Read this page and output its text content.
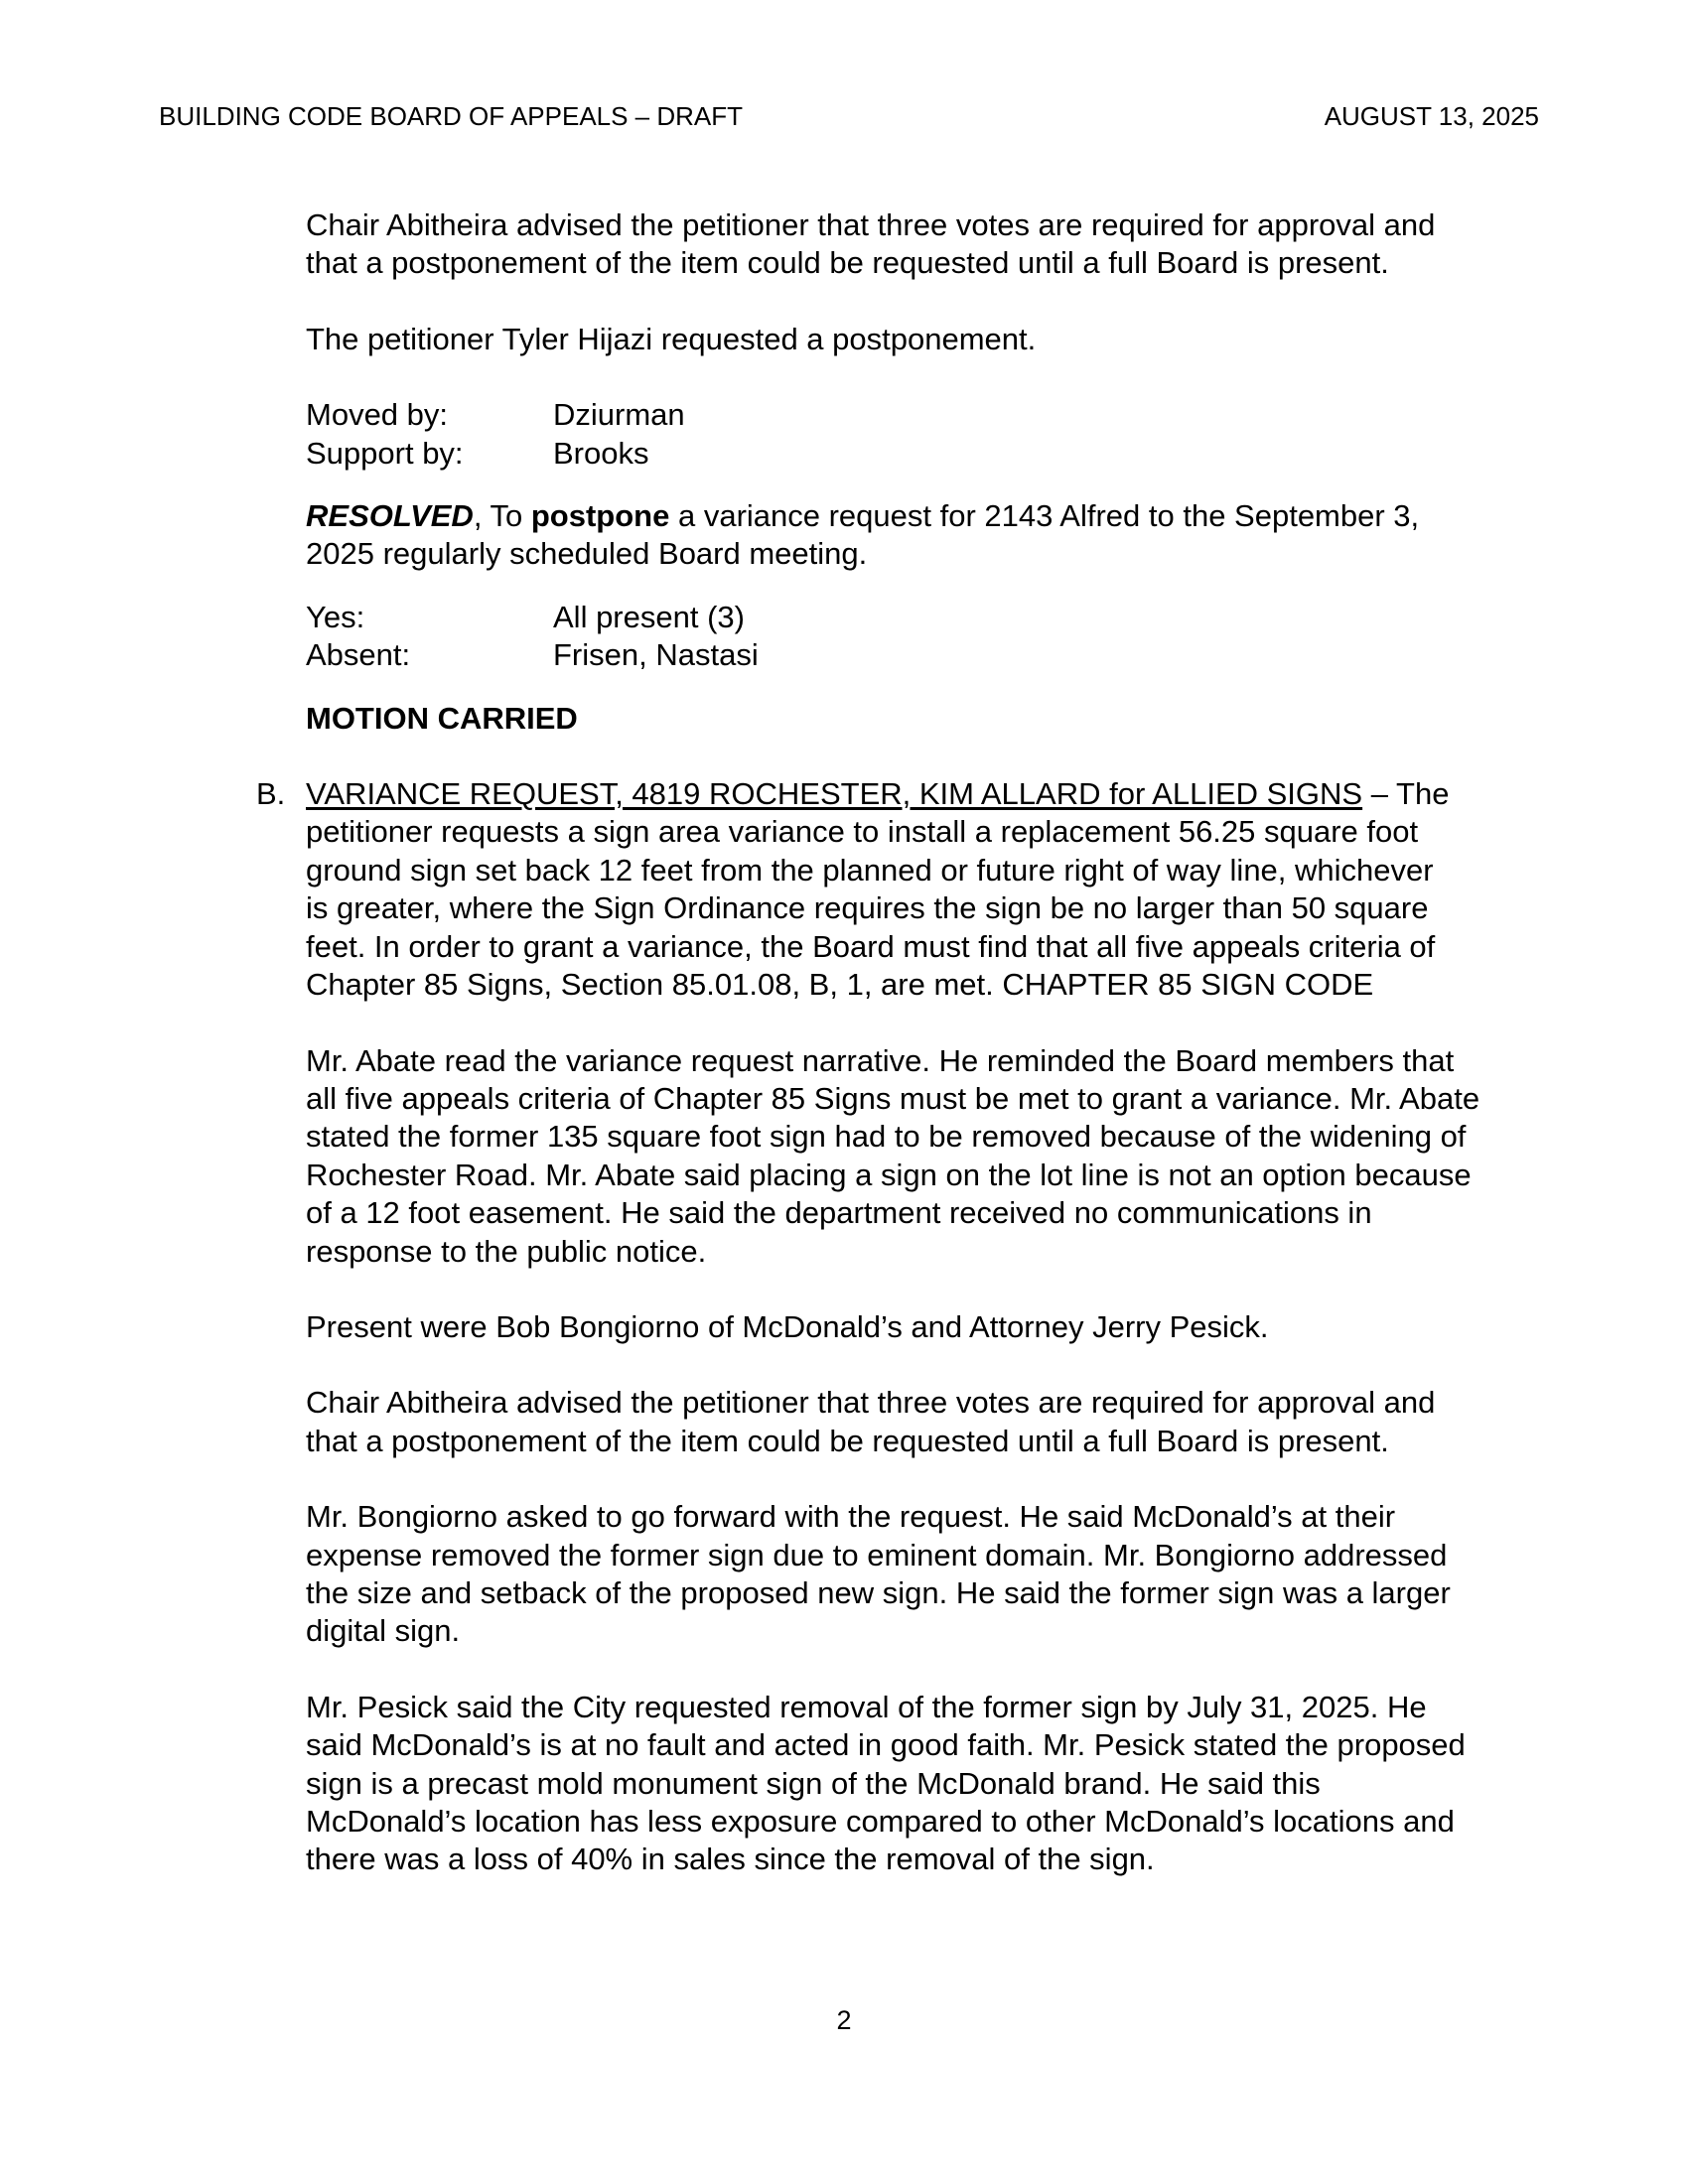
BUILDING CODE BOARD OF APPEALS – DRAFT	AUGUST 13, 2025

Chair Abitheira advised the petitioner that three votes are required for approval and
that a postponement of the item could be requested until a full Board is present.

The petitioner Tyler Hijazi requested a postponement.

Moved by:	Dziurman
Support by:	Brooks

RESOLVED, To postpone a variance request for 2143 Alfred to the September 3,
2025 regularly scheduled Board meeting.

Yes:	All present (3)
Absent:	Frisen, Nastasi

MOTION CARRIED

B. VARIANCE REQUEST, 4819 ROCHESTER, KIM ALLARD for ALLIED SIGNS – The
petitioner requests a sign area variance to install a replacement 56.25 square foot
ground sign set back 12 feet from the planned or future right of way line, whichever
is greater, where the Sign Ordinance requires the sign be no larger than 50 square
feet. In order to grant a variance, the Board must find that all five appeals criteria of
Chapter 85 Signs, Section 85.01.08, B, 1, are met. CHAPTER 85 SIGN CODE

Mr. Abate read the variance request narrative. He reminded the Board members that
all five appeals criteria of Chapter 85 Signs must be met to grant a variance. Mr. Abate
stated the former 135 square foot sign had to be removed because of the widening of
Rochester Road. Mr. Abate said placing a sign on the lot line is not an option because
of a 12 foot easement. He said the department received no communications in
response to the public notice.

Present were Bob Bongiorno of McDonald’s and Attorney Jerry Pesick.

Chair Abitheira advised the petitioner that three votes are required for approval and
that a postponement of the item could be requested until a full Board is present.

Mr. Bongiorno asked to go forward with the request. He said McDonald’s at their
expense removed the former sign due to eminent domain. Mr. Bongiorno addressed
the size and setback of the proposed new sign. He said the former sign was a larger
digital sign.

Mr. Pesick said the City requested removal of the former sign by July 31, 2025. He
said McDonald’s is at no fault and acted in good faith. Mr. Pesick stated the proposed
sign is a precast mold monument sign of the McDonald brand. He said this
McDonald’s location has less exposure compared to other McDonald’s locations and
there was a loss of 40% in sales since the removal of the sign.

2
